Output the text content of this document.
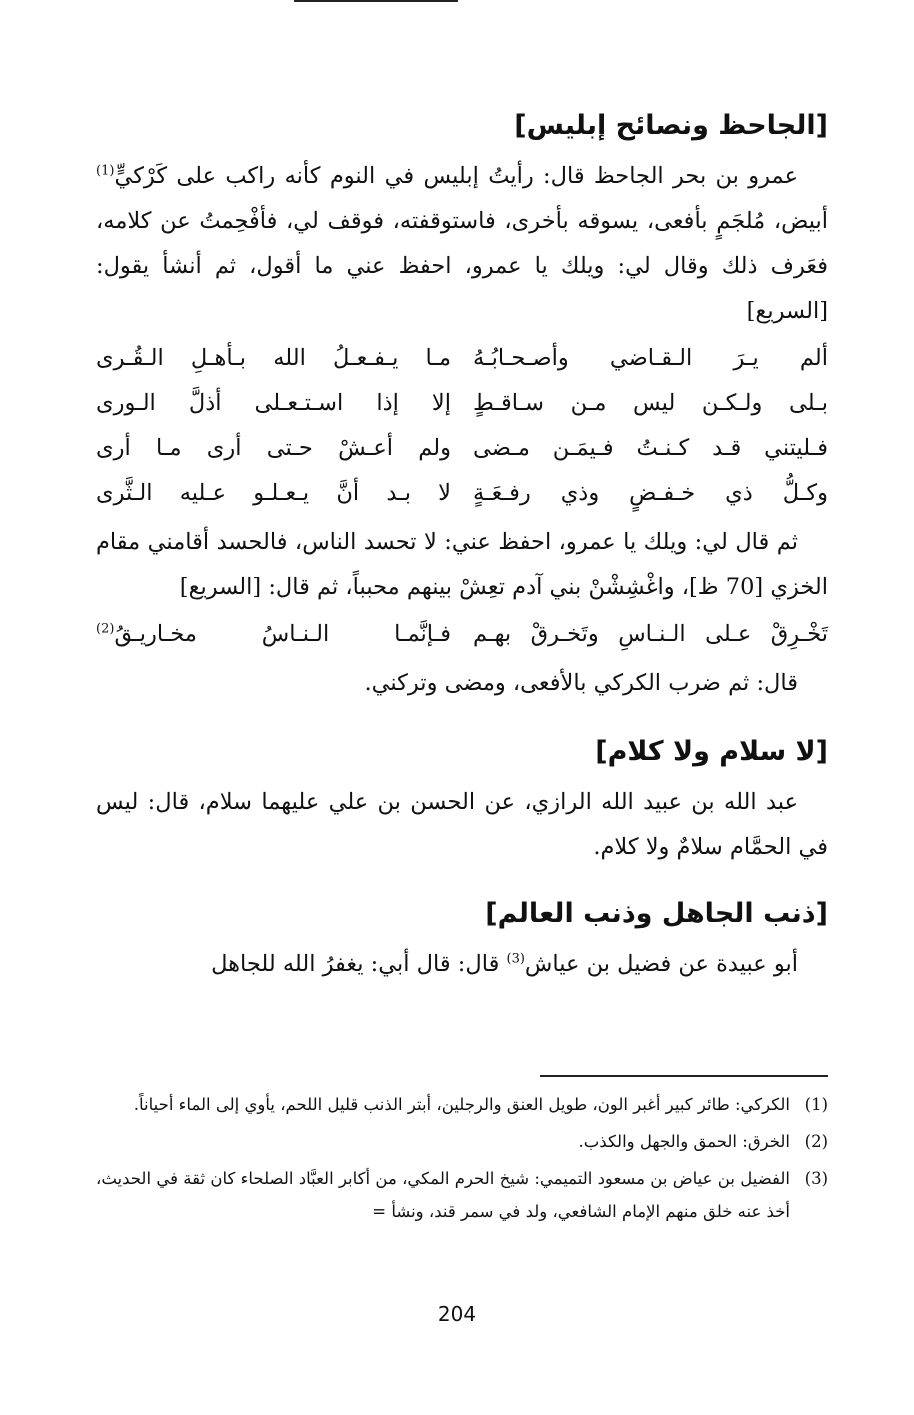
[الجاحظ ونصائح إبليس]

عمرو بن بحر الجاحظ قال: رأيتُ إبليس في النوم كأنه راكب على كَرْكيٍّ$^{(1)}$ أبيض، مُلجَمٍ بأفعى، يسوقه بأخرى، فاستوقفته، فوقف لي، فأفْحِمتُ عن كلامه، فعَرف ذلك وقال لي: ويلك يا عمرو، احفظ عني ما أقول، ثم أنشأ يقول: [السريع]

ألم يـرَ الـقـاضي وأصـحـابُـهُ
مـا يـفـعـلُ الله بـأهـلِ الـقُـرى
بـلى ولـكـن ليس مـن سـاقـطٍ
إلا إذا اسـتـعـلى أذلَّ الـورى
فـليتني قـد كـنـتُ فـيمَـن مـضى
ولم أعـشْ حـتى أرى مـا أرى
وكـلُّ ذي خـفـضٍ وذي رفـعَـةٍ
لا بـد أنَّ يـعـلـو عـليه الـثَّرى

ثم قال لي: ويلك يا عمرو، احفظ عني: لا تحسد الناس، فالحسد أقامني مقام الخزي [70 ظ]، واغْشِشْنْ بني آدم تعِشْ بينهم محبباً، ثم قال: [السريع]

تَخْـرِقْ عـلى الـنـاسِ وتَخـرقْ بهـم
فـإنَّمـا الـنـاسُ مخـاريـقُ$^{(2)}$

قال: ثم ضرب الكركي بالأفعى، ومضى وتركني.

[لا سلام ولا كلام]

عبد الله بن عبيد الله الرازي، عن الحسن بن علي عليهما سلام، قال: ليس في الحمَّام سلامٌ ولا كلام.

[ذنب الجاهل وذنب العالم]

أبو عبيدة عن فضيل بن عياش$^{(3)}$ قال: قال أبي: يغفرُ الله للجاهل

(1)
الكركي: طائر كبير أغبر الون، طويل العنق والرجلين، أبتر الذنب قليل اللحم، يأوي إلى الماء أحياناً.
(2)
الخرق: الحمق والجهل والكذب.
(3)
الفضيل بن عياض بن مسعود التميمي: شيخ الحرم المكي، من أكابر العبَّاد الصلحاء كان ثقة في الحديث، أخذ عنه خلق منهم الإمام الشافعي، ولد في سمر قند، ونشأ =
204
